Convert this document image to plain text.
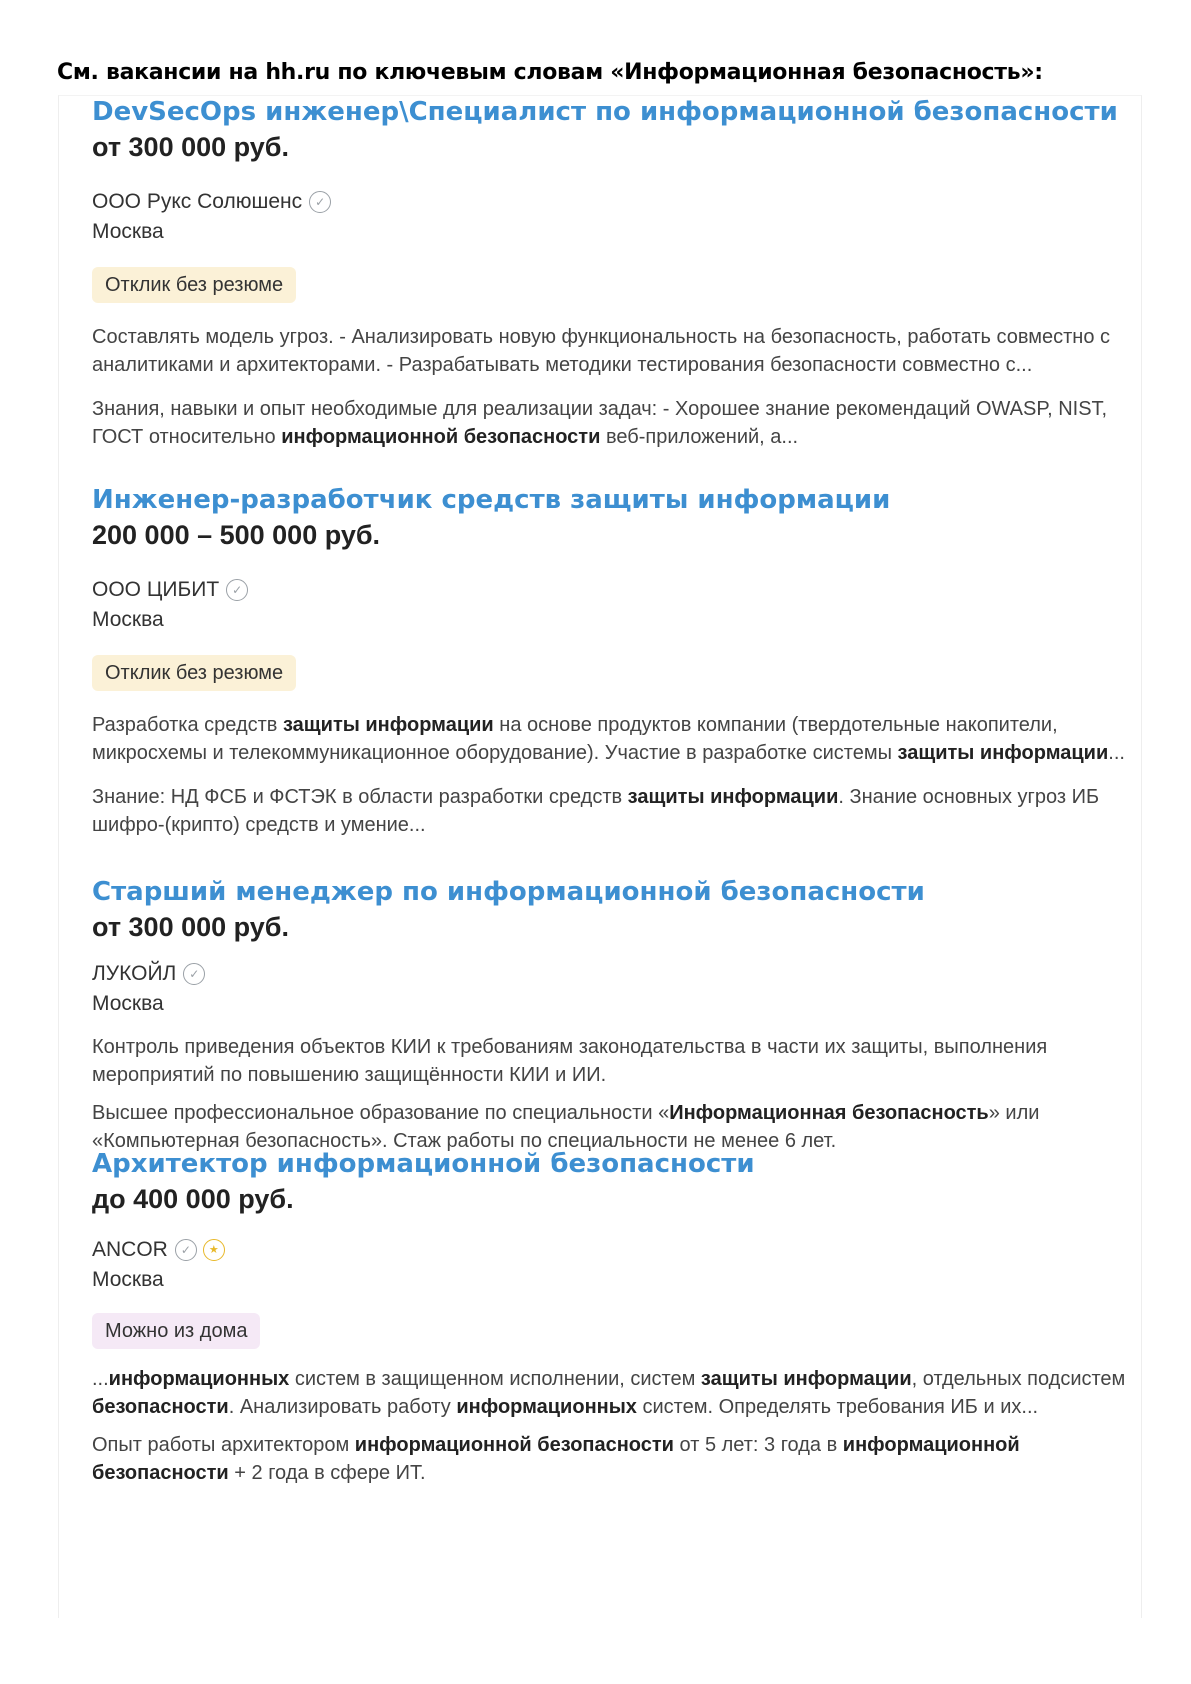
См. вакансии на hh.ru по ключевым словам «Информационная безопасность»:
DevSecOps инженер\Специалист по информационной безопасности
от 300 000 руб.
ООО Рукс Солюшенс	✓
Москва
Отклик без резюме
Составлять модель угроз. - Анализировать новую функциональность на безопасность, работать совместно с аналитиками и архитекторами. - Разрабатывать методики тестирования безопасности совместно с...
Знания, навыки и опыт необходимые для реализации задач: - Хорошее знание рекомендаций OWASP, NIST, ГОСТ относительно информационной безопасности веб-приложений, а...
Инженер-разработчик средств защиты информации
200 000 – 500 000 руб.
ООО ЦИБИТ	✓
Москва
Отклик без резюме
Разработка средств защиты информации на основе продуктов компании (твердотельные накопители, микросхемы и телекоммуникационное оборудование). Участие в разработке системы защиты информации...
Знание: НД ФСБ и ФСТЭК в области разработки средств защиты информации. Знание основных угроз ИБ шифро-(крипто) средств и умение...
Старший менеджер по информационной безопасности
от 300 000 руб.
ЛУКОЙЛ	✓
Москва
Контроль приведения объектов КИИ к требованиям законодательства в части их защиты, выполнения мероприятий по повышению защищённости КИИ и ИИ.
Высшее профессиональное образование по специальности «Информационная безопасность» или «Компьютерная безопасность». Стаж работы по специальности не менее 6 лет.
Архитектор информационной безопасности
до 400 000 руб.
ANCOR	✓	★
Москва
Можно из дома
...информационных систем в защищенном исполнении, систем защиты информации, отдельных подсистем безопасности. Анализировать работу информационных систем. Определять требования ИБ и их...
Опыт работы архитектором информационной безопасности от 5 лет: 3 года в информационной безопасности + 2 года в сфере ИТ.
